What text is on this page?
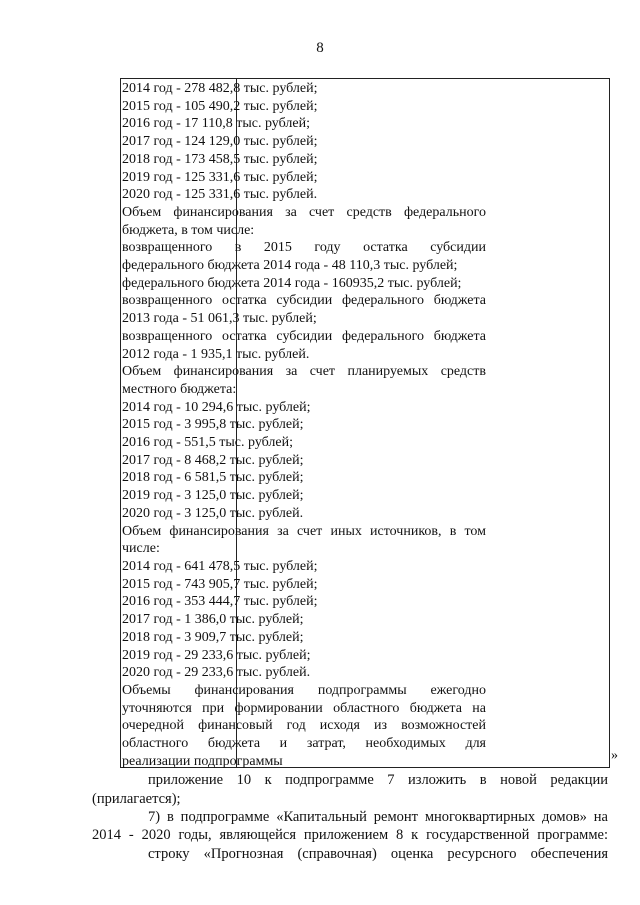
8
2014 год - 278 482,8 тыс. рублей;
2015 год - 105 490,2 тыс. рублей;
2016 год - 17 110,8 тыс. рублей;
2017 год - 124 129,0 тыс. рублей;
2018 год - 173 458,5 тыс. рублей;
2019 год - 125 331,6 тыс. рублей;
2020 год - 125 331,6 тыс. рублей.
Объем финансирования за счет средств федерального
бюджета, в том числе:
возвращенного в 2015 году остатка субсидии
федерального бюджета 2014 года - 48 110,3 тыс. рублей;
федерального бюджета 2014 года - 160935,2 тыс. рублей;
возвращенного остатка субсидии федерального бюджета
2013 года - 51 061,3 тыс. рублей;
возвращенного остатка субсидии федерального бюджета
2012 года - 1 935,1 тыс. рублей.
Объем финансирования за счет планируемых средств
местного бюджета:
2014 год - 10 294,6 тыс. рублей;
2015 год - 3 995,8 тыс. рублей;
2016 год - 551,5 тыс. рублей;
2017 год - 8 468,2 тыс. рублей;
2018 год - 6 581,5 тыс. рублей;
2019 год - 3 125,0 тыс. рублей;
2020 год - 3 125,0 тыс. рублей.
Объем финансирования за счет иных источников, в том
числе:
2014 год - 641 478,5 тыс. рублей;
2015 год - 743 905,7 тыс. рублей;
2016 год - 353 444,7 тыс. рублей;
2017 год - 1 386,0 тыс. рублей;
2018 год - 3 909,7 тыс. рублей;
2019 год - 29 233,6 тыс. рублей;
2020 год - 29 233,6 тыс. рублей.
Объемы финансирования подпрограммы ежегодно
уточняются при формировании областного бюджета на
очередной финансовый год исходя из возможностей
областного бюджета и затрат, необходимых для
реализации подпрограммы	»
приложение 10 к подпрограмме 7 изложить в новой редакции
(прилагается);
7) в подпрограмме «Капитальный ремонт многоквартирных домов» на
2014 - 2020 годы, являющейся приложением 8 к государственной программе:
строку «Прогнозная (справочная) оценка ресурсного обеспечения
